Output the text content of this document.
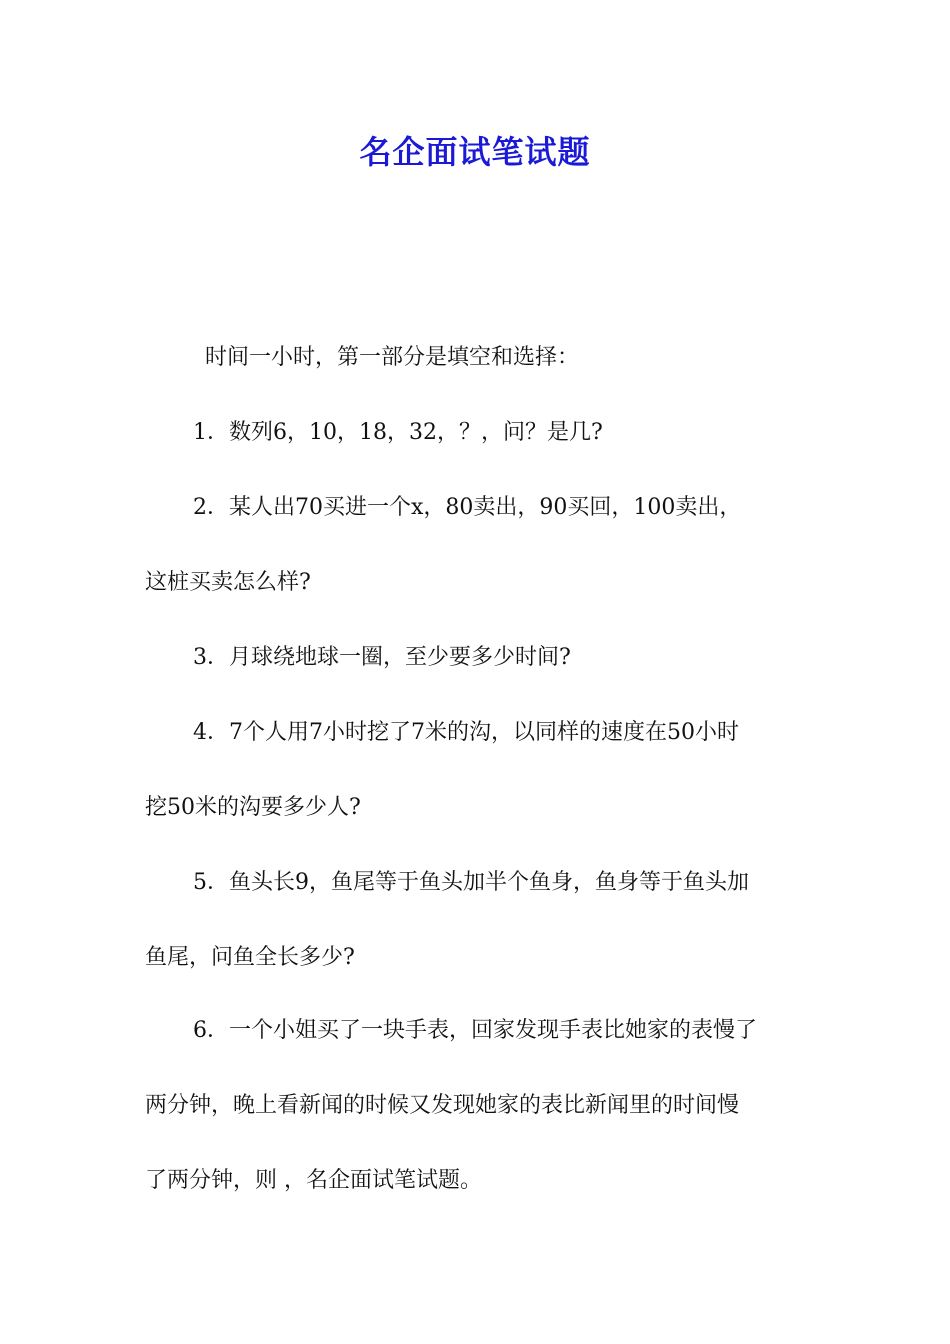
名企面试笔试题
时间一小时，第一部分是填空和选择：
1．数列6，10，18，32，？，问？是几?
2．某人出70买进一个x，80卖出，90买回，100卖出，
这桩买卖怎么样?
3．月球绕地球一圈，至少要多少时间?
4．7个人用7小时挖了7米的沟，以同样的速度在50小时
挖50米的沟要多少人?
5．鱼头长9，鱼尾等于鱼头加半个鱼身，鱼身等于鱼头加
鱼尾，问鱼全长多少?
6．一个小姐买了一块手表，回家发现手表比她家的表慢了
两分钟，晚上看新闻的时候又发现她家的表比新闻里的时间慢
了两分钟，则 ，名企面试笔试题。
